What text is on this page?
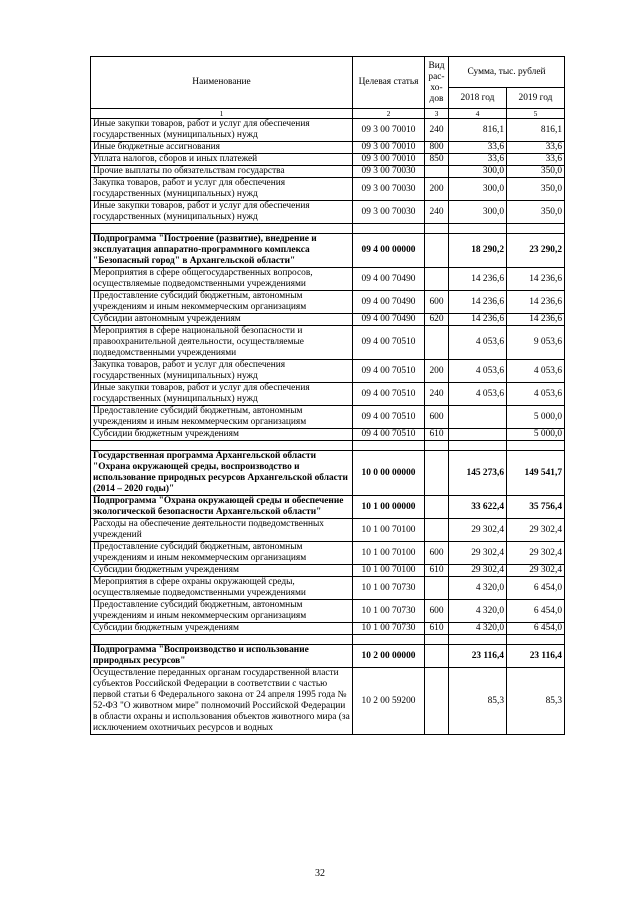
Наименование	Целевая статья	Вид рас-хо-дов	Сумма, тыс. рублей	
			2018 год	2019 год
1	2	3	4	5
Иные закупки товаров, работ и услуг для обеспечения государственных (муниципальных) нужд	09 3 00 70010	240	816,1	816,1
Иные бюджетные ассигнования	09 3 00 70010	800	33,6	33,6
Уплата налогов, сборов и иных платежей	09 3 00 70010	850	33,6	33,6
Прочие выплаты по обязательствам государства	09 3 00 70030		300,0	350,0
Закупка товаров, работ и услуг для обеспечения государственных (муниципальных) нужд	09 3 00 70030	200	300,0	350,0
Иные закупки товаров, работ и услуг для обеспечения государственных (муниципальных) нужд	09 3 00 70030	240	300,0	350,0

Подпрограмма "Построение (развитие), внедрение и эксплуатация аппаратно-программного комплекса "Безопасный город" в Архангельской области"	09 4 00 00000		18 290,2	23 290,2
Мероприятия в сфере общегосударственных вопросов, осуществляемые подведомственными учреждениями	09 4 00 70490		14 236,6	14 236,6
Предоставление субсидий бюджетным, автономным учреждениям и иным некоммерческим организациям	09 4 00 70490	600	14 236,6	14 236,6
Субсидии автономным учреждениям	09 4 00 70490	620	14 236,6	14 236,6
Мероприятия в сфере национальной безопасности и правоохранительной деятельности, осуществляемые подведомственными учреждениями	09 4 00 70510		4 053,6	9 053,6
Закупка товаров, работ и услуг для обеспечения государственных (муниципальных) нужд	09 4 00 70510	200	4 053,6	4 053,6
Иные закупки товаров, работ и услуг для обеспечения государственных (муниципальных) нужд	09 4 00 70510	240	4 053,6	4 053,6
Предоставление субсидий бюджетным, автономным учреждениям и иным некоммерческим организациям	09 4 00 70510	600		5 000,0
Субсидии бюджетным учреждениям	09 4 00 70510	610		5 000,0

Государственная программа Архангельской области "Охрана окружающей среды, воспроизводство и использование природных ресурсов Архангельской области (2014 – 2020 годы)"	10 0 00 00000		145 273,6	149 541,7
Подпрограмма "Охрана окружающей среды и обеспечение экологической безопасности Архангельской области"	10 1 00 00000		33 622,4	35 756,4
Расходы на обеспечение деятельности подведомственных учреждений	10 1 00 70100		29 302,4	29 302,4
Предоставление субсидий бюджетным, автономным учреждениям и иным некоммерческим организациям	10 1 00 70100	600	29 302,4	29 302,4
Субсидии бюджетным учреждениям	10 1 00 70100	610	29 302,4	29 302,4
Мероприятия в сфере охраны окружающей среды, осуществляемые подведомственными учреждениями	10 1 00 70730		4 320,0	6 454,0
Предоставление субсидий бюджетным, автономным учреждениям и иным некоммерческим организациям	10 1 00 70730	600	4 320,0	6 454,0
Субсидии бюджетным учреждениям	10 1 00 70730	610	4 320,0	6 454,0

Подпрограмма "Воспроизводство и использование природных ресурсов"	10 2 00 00000		23 116,4	23 116,4
Осуществление переданных органам государственной власти субъектов Российской Федерации в соответствии с частью первой статьи 6 Федерального закона от 24 апреля 1995 года № 52-ФЗ "О животном мире" полномочий Российской Федерации в области охраны и использования объектов животного мира (за исключением охотничьих ресурсов и водных	10 2 00 59200		85,3	85,3
32
